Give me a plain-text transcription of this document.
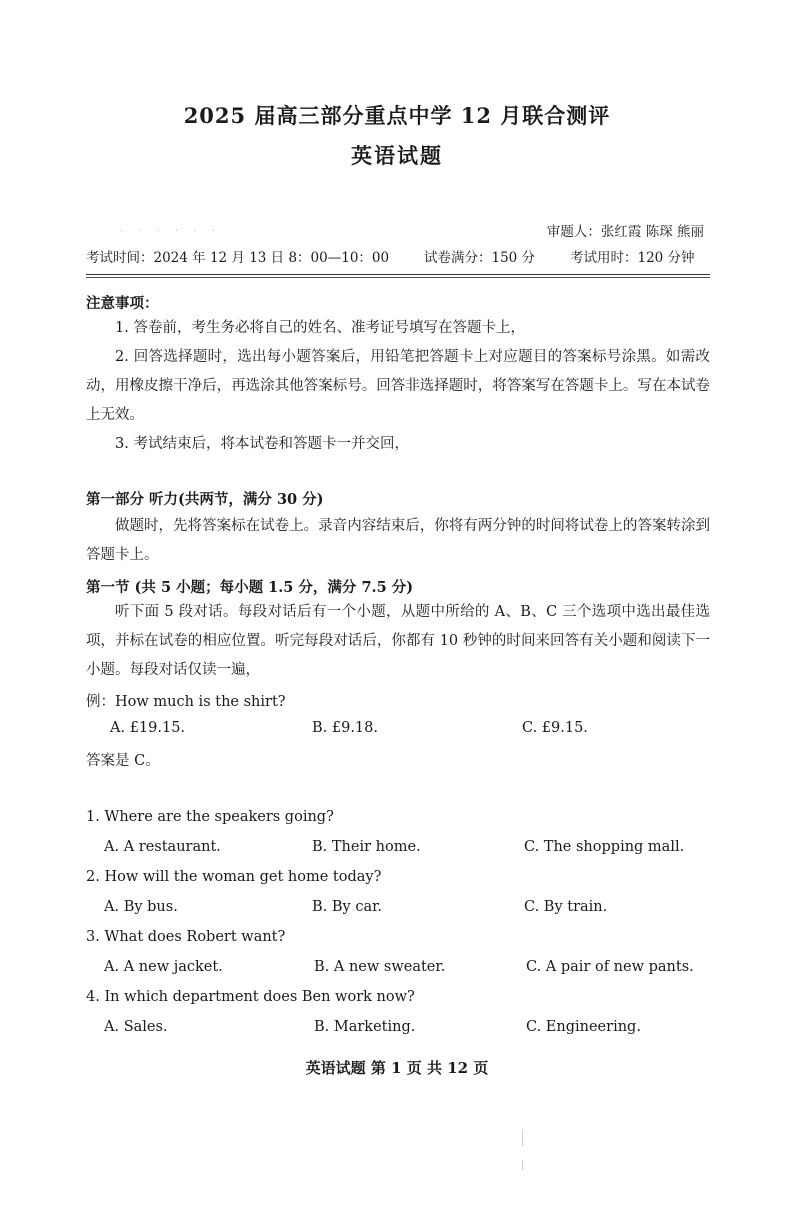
2025 届高三部分重点中学 12 月联合测评
英语试题
· · · · · ·	审题人：张红霞 陈琛 熊丽
考试时间：2024 年 12 月 13 日 8：00—10：00	试卷满分：150 分	考试用时：120 分钟
注意事项：
1. 答卷前，考生务必将自己的姓名、准考证号填写在答题卡上，
2. 回答选择题时，选出每小题答案后，用铅笔把答题卡上对应题目的答案标号涂黑。如需改动，用橡皮擦干净后，再选涂其他答案标号。回答非选择题时，将答案写在答题卡上。写在本试卷上无效。
3. 考试结束后，将本试卷和答题卡一并交回，
第一部分 听力(共两节，满分 30 分)
做题时，先将答案标在试卷上。录音内容结束后，你将有两分钟的时间将试卷上的答案转涂到答题卡上。
第一节 (共 5 小题；每小题 1.5 分，满分 7.5 分)
听下面 5 段对话。每段对话后有一个小题，从题中所给的 A、B、C 三个选项中选出最佳选项，并标在试卷的相应位置。听完每段对话后，你都有 10 秒钟的时间来回答有关小题和阅读下一小题。每段对话仅读一遍，
例：How much is the shirt?
A. £19.15.	B. £9.18.	C. £9.15.
答案是 C。
1. Where are the speakers going?
A. A restaurant.	B. Their home.	C. The shopping mall.
2. How will the woman get home today?
A. By bus.	B. By car.	C. By train.
3. What does Robert want?
A. A new jacket.	B. A new sweater.	C. A pair of new pants.
4. In which department does Ben work now?
A. Sales.	B. Marketing.	C. Engineering.
英语试题 第 1 页 共 12 页
